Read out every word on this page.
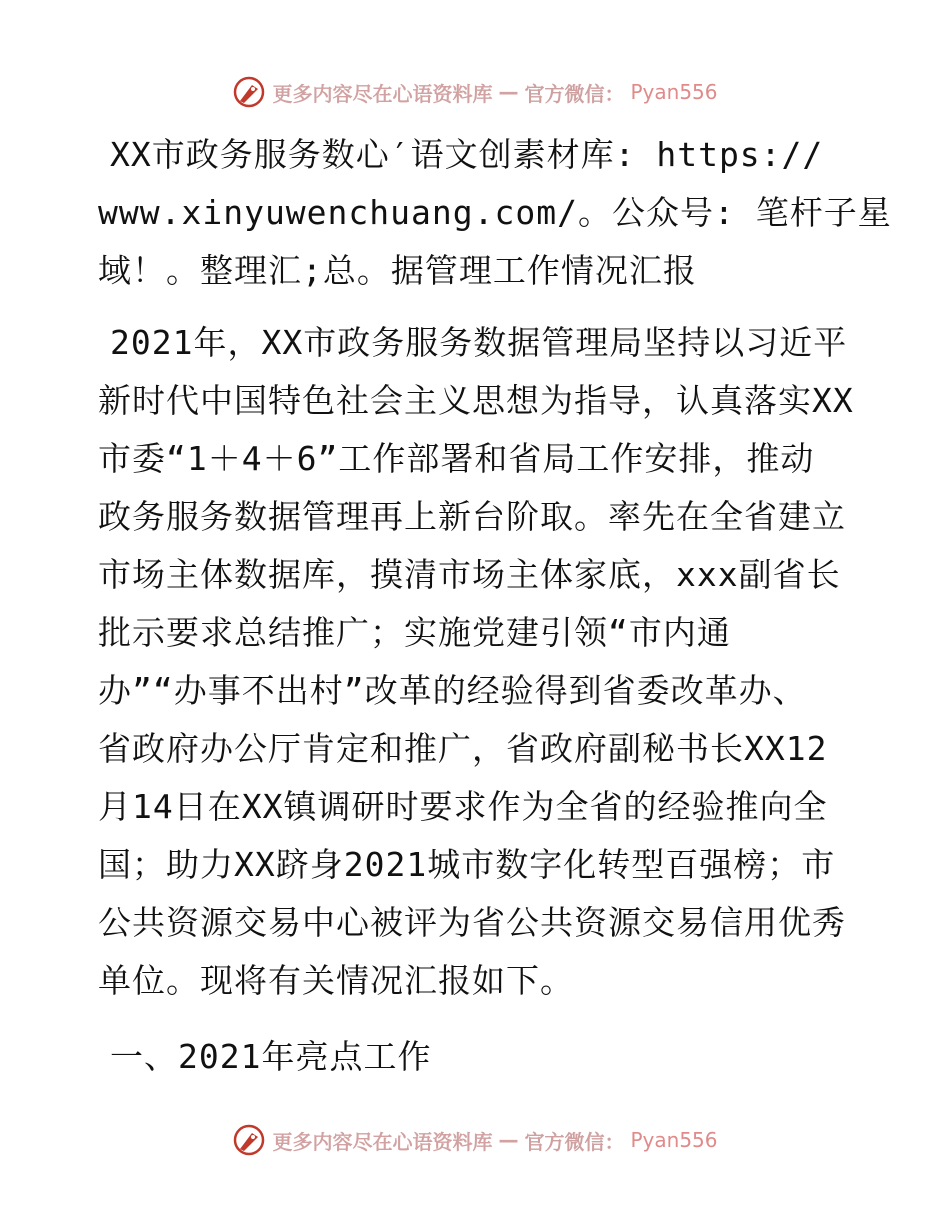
更多内容尽在心语资料库 — 官方微信： Pyan556
XX市政务服务数心′语文创素材库: https://
www.xinyuwenchuang.com/。公众号: 笔杆子星
域！。整理汇;总。据管理工作情况汇报
2021年，XX市政务服务数据管理局坚持以习近平
新时代中国特色社会主义思想为指导，认真落实XX
市委“1＋4＋6”工作部署和省局工作安排，推动
政务服务数据管理再上新台阶取。率先在全省建立
市场主体数据库，摸清市场主体家底，xxx副省长
批示要求总结推广；实施党建引领“市内通
办”“办事不出村”改革的经验得到省委改革办、
省政府办公厅肯定和推广，省政府副秘书长XX12
月14日在XX镇调研时要求作为全省的经验推向全
国；助力XX跻身2021城市数字化转型百强榜；市
公共资源交易中心被评为省公共资源交易信用优秀
单位。现将有关情况汇报如下。
一、2021年亮点工作
更多内容尽在心语资料库 — 官方微信： Pyan556
